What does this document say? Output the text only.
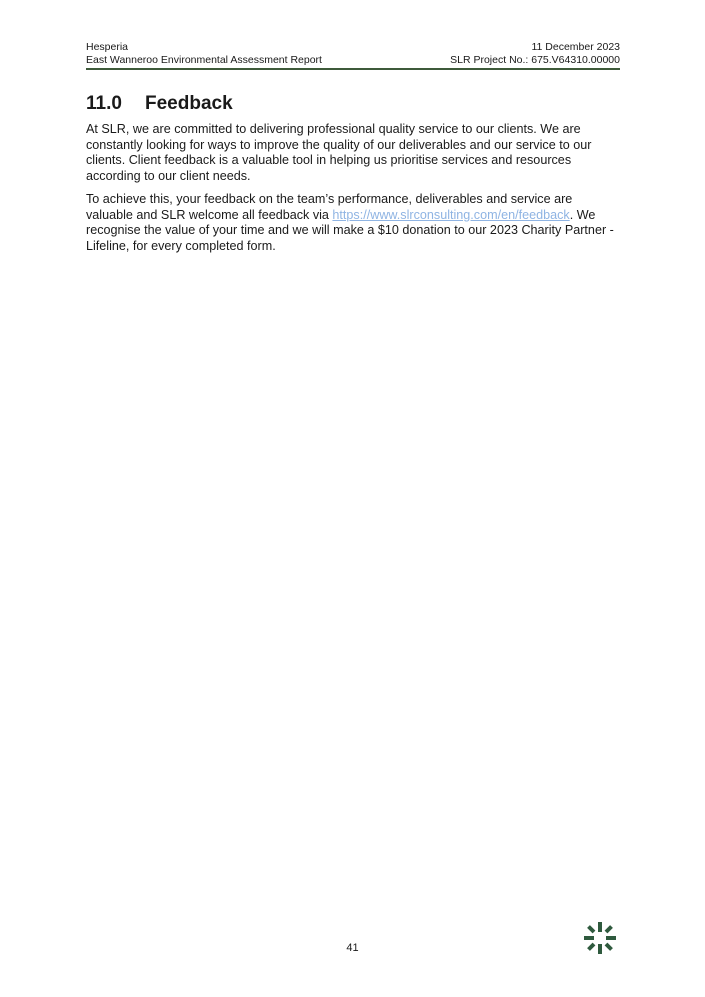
Hesperia	11 December 2023
East Wanneroo Environmental Assessment Report	SLR Project No.: 675.V64310.00000
11.0	Feedback

At SLR, we are committed to delivering professional quality service to our clients. We are constantly looking for ways to improve the quality of our deliverables and our service to our clients. Client feedback is a valuable tool in helping us prioritise services and resources according to our client needs.

To achieve this, your feedback on the team’s performance, deliverables and service are valuable and SLR welcome all feedback via https://www.slrconsulting.com/en/feedback. We recognise the value of your time and we will make a $10 donation to our 2023 Charity Partner - Lifeline, for every completed form.

41
